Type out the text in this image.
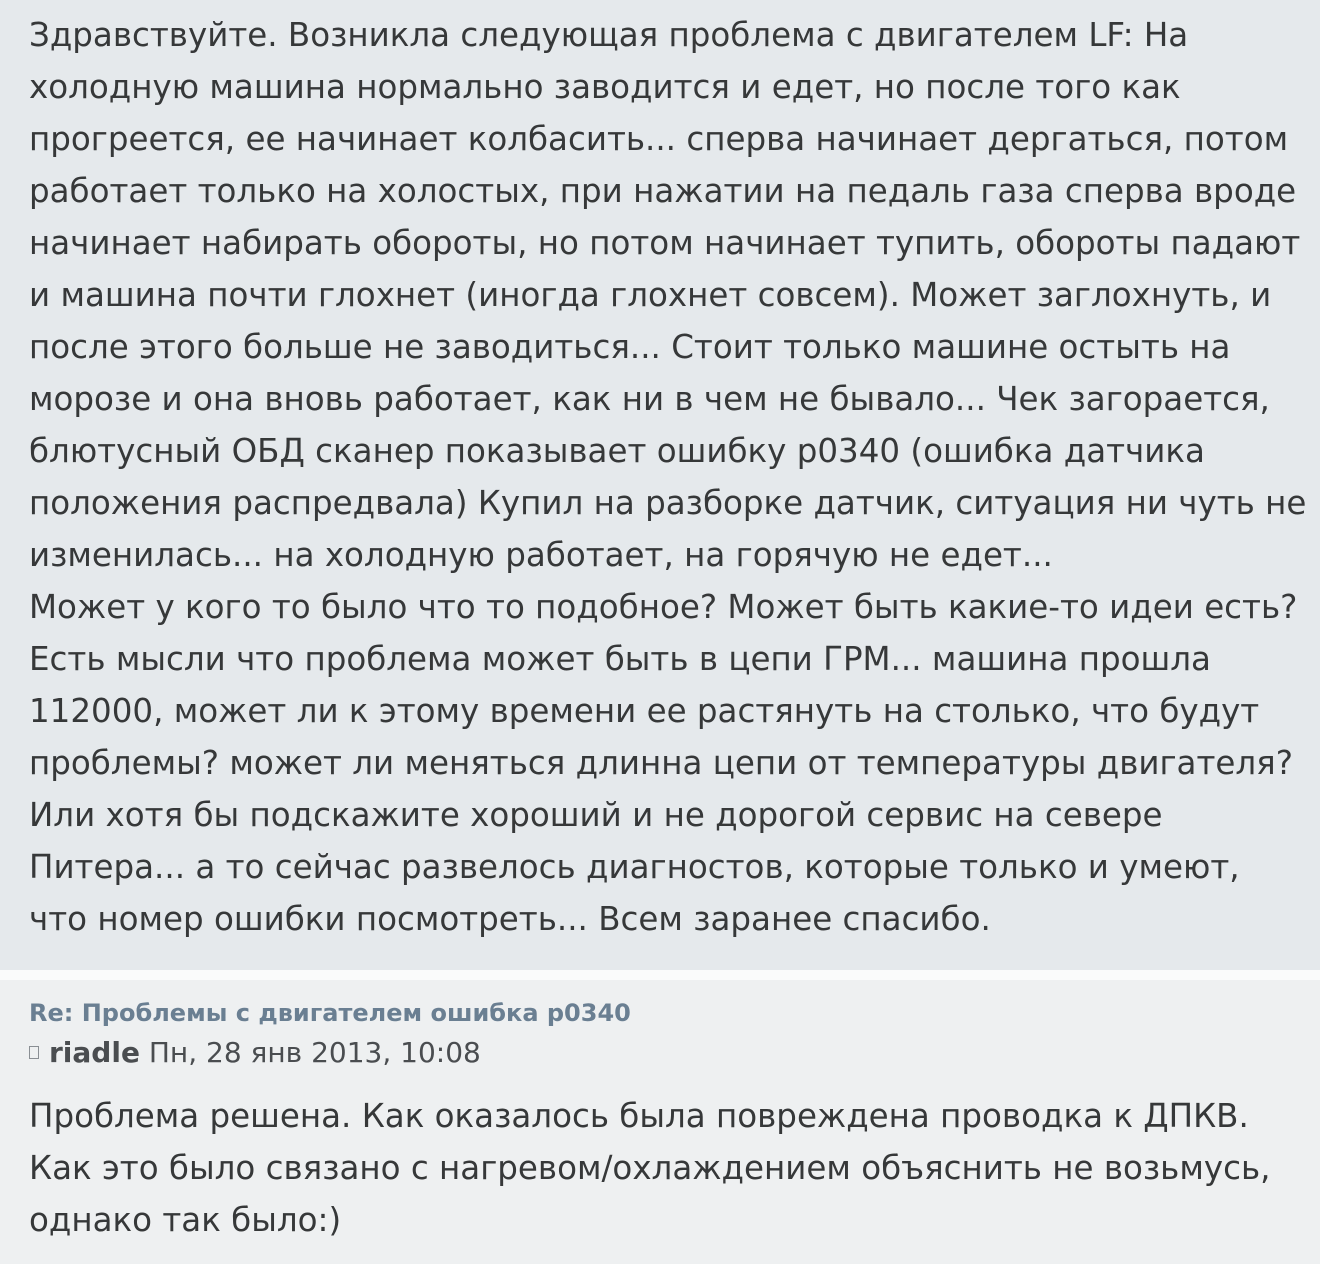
Здравствуйте. Возникла следующая проблема с двигателем LF: На
холодную машина нормально заводится и едет, но после того как
прогреется, ее начинает колбасить... сперва начинает дергаться, потом
работает только на холостых, при нажатии на педаль газа сперва вроде
начинает набирать обороты, но потом начинает тупить, обороты падают
и машина почти глохнет (иногда глохнет совсем). Может заглохнуть, и
после этого больше не заводиться... Стоит только машине остыть на
морозе и она вновь работает, как ни в чем не бывало... Чек загорается,
блютусный ОБД сканер показывает ошибку p0340 (ошибка датчика
положения распредвала) Купил на разборке датчик, ситуация ни чуть не
изменилась... на холодную работает, на горячую не едет...
Может у кого то было что то подобное? Может быть какие-то идеи есть?
Есть мысли что проблема может быть в цепи ГРМ... машина прошла
112000, может ли к этому времени ее растянуть на столько, что будут
проблемы? может ли меняться длинна цепи от температуры двигателя?
Или хотя бы подскажите хороший и не дорогой сервис на севере
Питера... а то сейчас развелось диагностов, которые только и умеют,
что номер ошибки посмотреть... Всем заранее спасибо.
Re: Проблемы с двигателем ошибка p0340
riadle Пн, 28 янв 2013, 10:08
Проблема решена. Как оказалось была повреждена проводка к ДПКВ.
Как это было связано с нагревом/охлаждением объяснить не возьмусь,
однако так было:)
